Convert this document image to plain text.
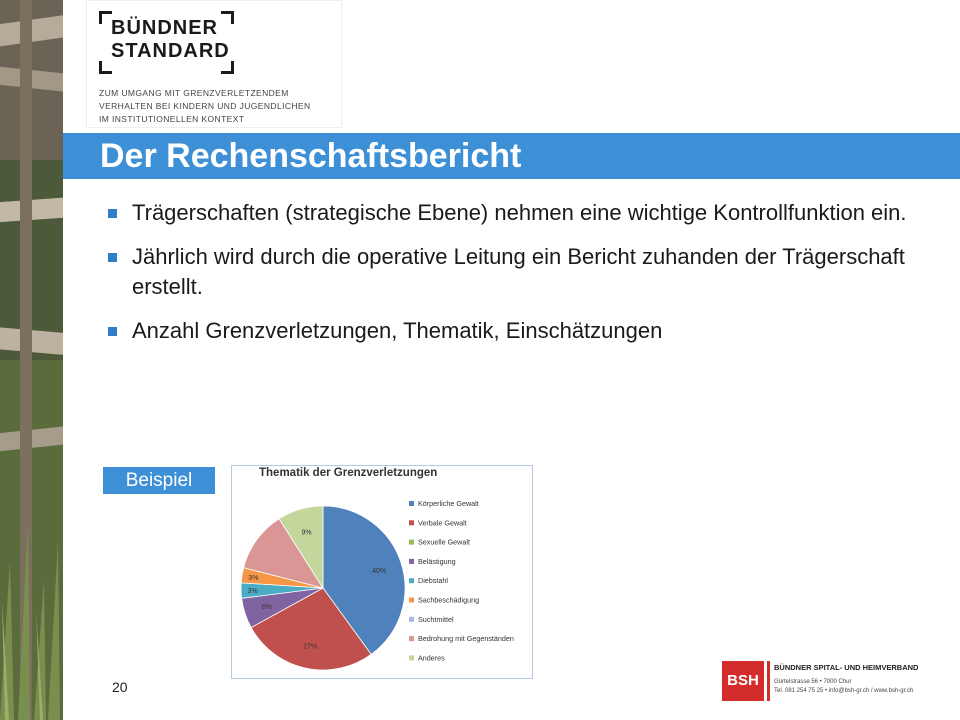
BÜNDNER
STANDARD
ZUM UMGANG MIT GRENZVERLETZENDEM
VERHALTEN BEI KINDERN UND JUGENDLICHEN
IM INSTITUTIONELLEN KONTEXT
Der Rechenschaftsbericht
Trägerschaften (strategische Ebene) nehmen eine wichtige Kontrollfunktion ein.
Jährlich wird durch die operative Leitung ein Bericht zuhanden der Trägerschaft erstellt.
Anzahl Grenzverletzungen, Thematik, Einschätzungen
Beispiel	Thematik der Grenzverletzungen
40%
27%
6%
3%
3%
9%
Körperliche Gewalt
Verbale Gewalt
Sexuelle Gewalt
Belästigung
Diebstahl
Sachbeschädigung
Suchtmittel
Bedrohung mit Gegenständen
Anderes
20	BSH
BÜNDNER SPITAL- UND HEIMVERBAND
Gürtelstrasse 56 • 7000 Chur
Tel. 081 254 75 25 • info@bsh-gr.ch / www.bsh-gr.ch
